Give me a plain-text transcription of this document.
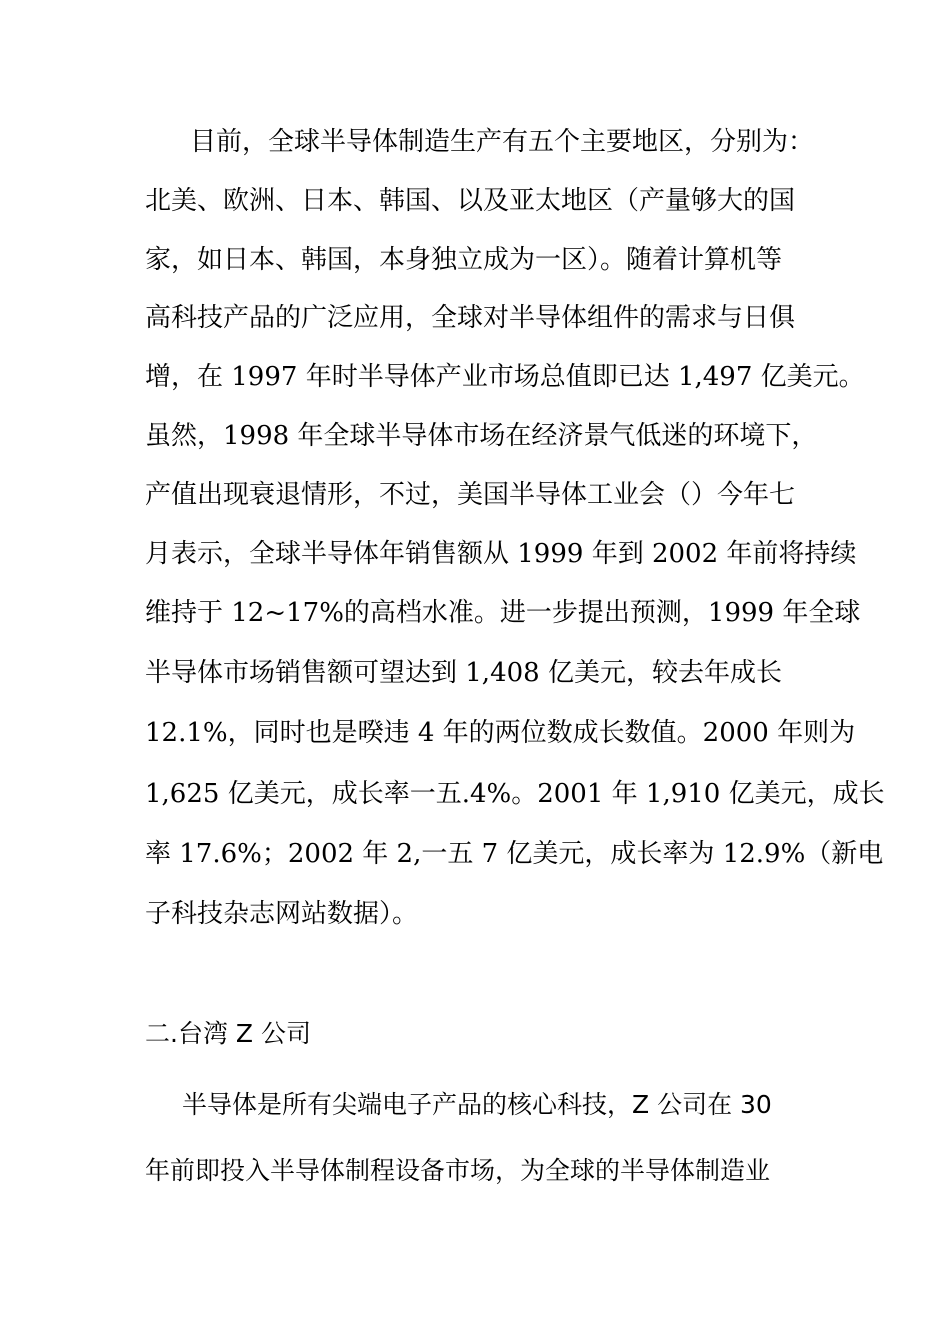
目前，全球半导体制造生产有五个主要地区，分别为：
北美、欧洲、日本、韩国、以及亚太地区（产量够大的国
家，如日本、韩国，本身独立成为一区）。随着计算机等
高科技产品的广泛应用，全球对半导体组件的需求与日俱
增，在 1997 年时半导体产业市场总值即已达 1,497 亿美元。
虽然，1998 年全球半导体市场在经济景气低迷的环境下，
产值出现衰退情形，不过，美国半导体工业会（）今年七
月表示，全球半导体年销售额从 1999 年到 2002 年前将持续
维持于 12~17%的高档水准。进一步提出预测，1999 年全球
半导体市场销售额可望达到 1,408 亿美元，较去年成长
12.1%，同时也是暌违 4 年的两位数成长数值。2000 年则为
1,625 亿美元，成长率一五.4%。2001 年 1,910 亿美元，成长
率 17.6%；2002 年 2,一五 7 亿美元，成长率为 12.9%（新电
子科技杂志网站数据）。
二.台湾 Z 公司
半导体是所有尖端电子产品的核心科技，Z 公司在 30
年前即投入半导体制程设备市场，为全球的半导体制造业
